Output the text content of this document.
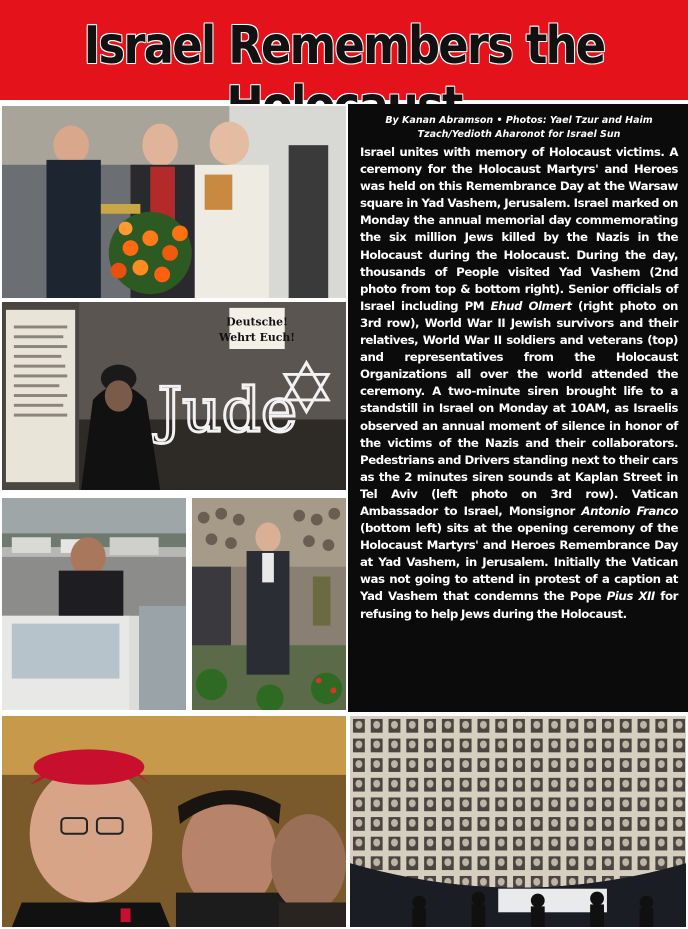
Israel Remembers the
Deutsche!
Wehrt Euch!
Jude

By Kanan Abramson • Photos: Yael Tzur and Haim Tzach/Yedioth Aharonot for Israel Sun

Israel unites with memory of Holocaust victims. A ceremony for the Holocaust Martyrs' and Heroes was held on this Remembrance Day at the Warsaw square in Yad Vashem, Jerusalem. Israel marked on Monday the annual memorial day commemorating the six million Jews killed by the Nazis in the Holocaust during the Holocaust. During the day, thousands of People visited Yad Vashem (2nd photo from top & bottom right). Senior officials of Israel including PM Ehud Olmert (right photo on 3rd row), World War II Jewish survivors and their relatives, World War II soldiers and veterans (top) and representatives from the Holocaust Organizations all over the world attended the ceremony. A two-minute siren brought life to a standstill in Israel on Monday at 10AM, as Israelis observed an annual moment of silence in honor of the victims of the Nazis and their collaborators. Pedestrians and Drivers standing next to their cars as the 2 minutes siren sounds at Kaplan Street in Tel Aviv (left photo on 3rd row). Vatican Ambassador to Israel, Monsignor Antonio Franco (bottom left) sits at the opening ceremony of the Holocaust Martyrs' and Heroes Remembrance Day at Yad Vashem, in Jerusalem. Initially the Vatican was not going to attend in protest of a caption at Yad Vashem that condemns the Pope Pius XII for refusing to help Jews during the Holocaust.
